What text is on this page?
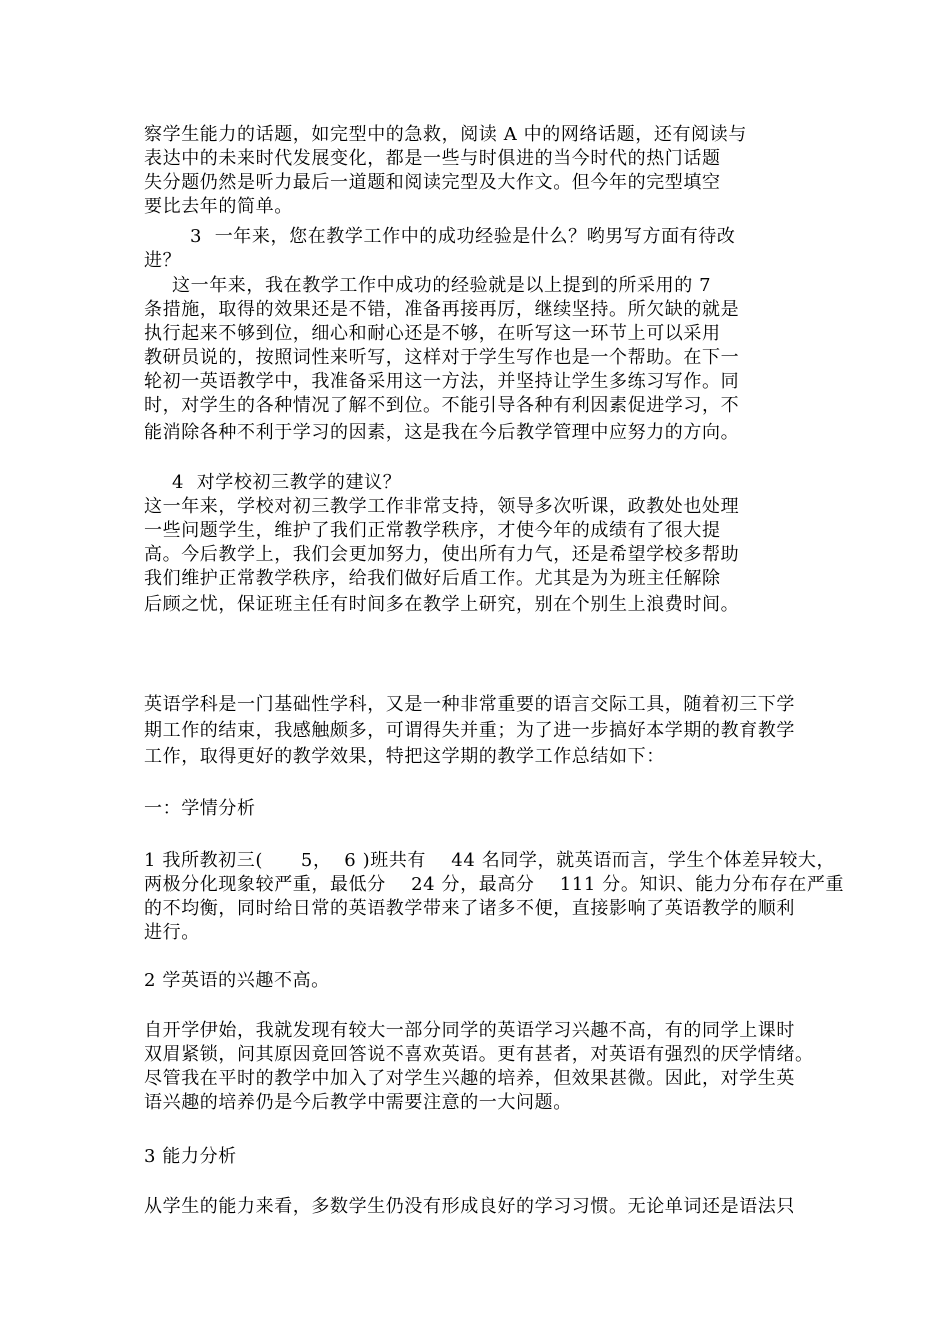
察学生能力的话题，如完型中的急救，阅读 A 中的网络话题，还有阅读与
表达中的未来时代发展变化，都是一些与时俱进的当今时代的热门话题
失分题仍然是听力最后一道题和阅读完型及大作文。但今年的完型填空
要比去年的简单。
3  一年来，您在教学工作中的成功经验是什么？哟男写方面有待改
进？
这一年来，我在教学工作中成功的经验就是以上提到的所采用的 7
条措施，取得的效果还是不错，准备再接再厉，继续坚持。所欠缺的就是
执行起来不够到位，细心和耐心还是不够，在听写这一环节上可以采用
教研员说的，按照词性来听写，这样对于学生写作也是一个帮助。在下一
轮初一英语教学中，我准备采用这一方法，并坚持让学生多练习写作。同
时，对学生的各种情况了解不到位。不能引导各种有利因素促进学习，不
能消除各种不利于学习的因素，这是我在今后教学管理中应努力的方向。
4  对学校初三教学的建议？
这一年来，学校对初三教学工作非常支持，领导多次听课，政教处也处理
一些问题学生，维护了我们正常教学秩序，才使今年的成绩有了很大提
高。今后教学上，我们会更加努力，使出所有力气，还是希望学校多帮助
我们维护正常教学秩序，给我们做好后盾工作。尤其是为为班主任解除
后顾之忧，保证班主任有时间多在教学上研究，别在个别生上浪费时间。
英语学科是一门基础性学科，又是一种非常重要的语言交际工具，随着初三下学
期工作的结束，我感触颇多，可谓得失并重；为了进一步搞好本学期的教育教学
工作，取得更好的教学效果，特把这学期的教学工作总结如下：
一：学情分析
1 我所教初三(      5，  6 )班共有    44 名同学，就英语而言，学生个体差异较大，
两极分化现象较严重，最低分    24 分，最高分    111 分。知识、能力分布存在严重
的不均衡，同时给日常的英语教学带来了诸多不便，直接影响了英语教学的顺利
进行。
2 学英语的兴趣不高。
自开学伊始，我就发现有较大一部分同学的英语学习兴趣不高，有的同学上课时
双眉紧锁，问其原因竟回答说不喜欢英语。更有甚者，对英语有强烈的厌学情绪。
尽管我在平时的教学中加入了对学生兴趣的培养，但效果甚微。因此，对学生英
语兴趣的培养仍是今后教学中需要注意的一大问题。
3 能力分析
从学生的能力来看，多数学生仍没有形成良好的学习习惯。无论单词还是语法只
